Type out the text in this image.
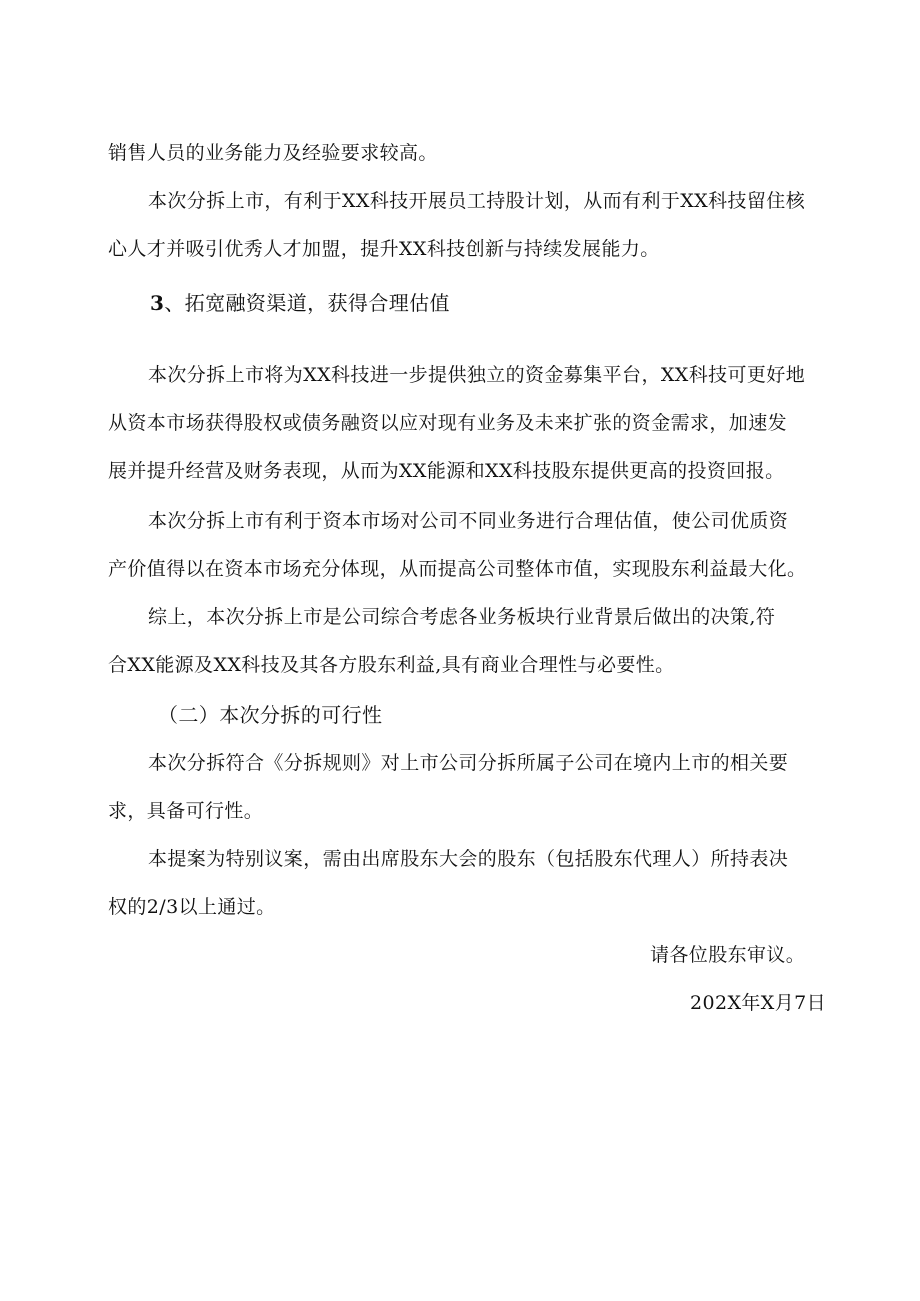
销售人员的业务能力及经验要求较高。
本次分拆上市，有利于XX科技开展员工持股计划，从而有利于XX科技留住核
心人才并吸引优秀人才加盟，提升XX科技创新与持续发展能力。
3、拓宽融资渠道，获得合理估值
本次分拆上市将为XX科技进一步提供独立的资金募集平台，XX科技可更好地
从资本市场获得股权或债务融资以应对现有业务及未来扩张的资金需求，加速发
展并提升经营及财务表现，从而为XX能源和XX科技股东提供更高的投资回报。
本次分拆上市有利于资本市场对公司不同业务进行合理估值，使公司优质资
产价值得以在资本市场充分体现，从而提高公司整体市值，实现股东利益最大化。
综上，本次分拆上市是公司综合考虑各业务板块行业背景后做出的决策,符
合XX能源及XX科技及其各方股东利益,具有商业合理性与必要性。
（二）本次分拆的可行性
本次分拆符合《分拆规则》对上市公司分拆所属子公司在境内上市的相关要
求，具备可行性。
本提案为特别议案，需由出席股东大会的股东（包括股东代理人）所持表决
权的2/3以上通过。
请各位股东审议。
202X年X月7日
